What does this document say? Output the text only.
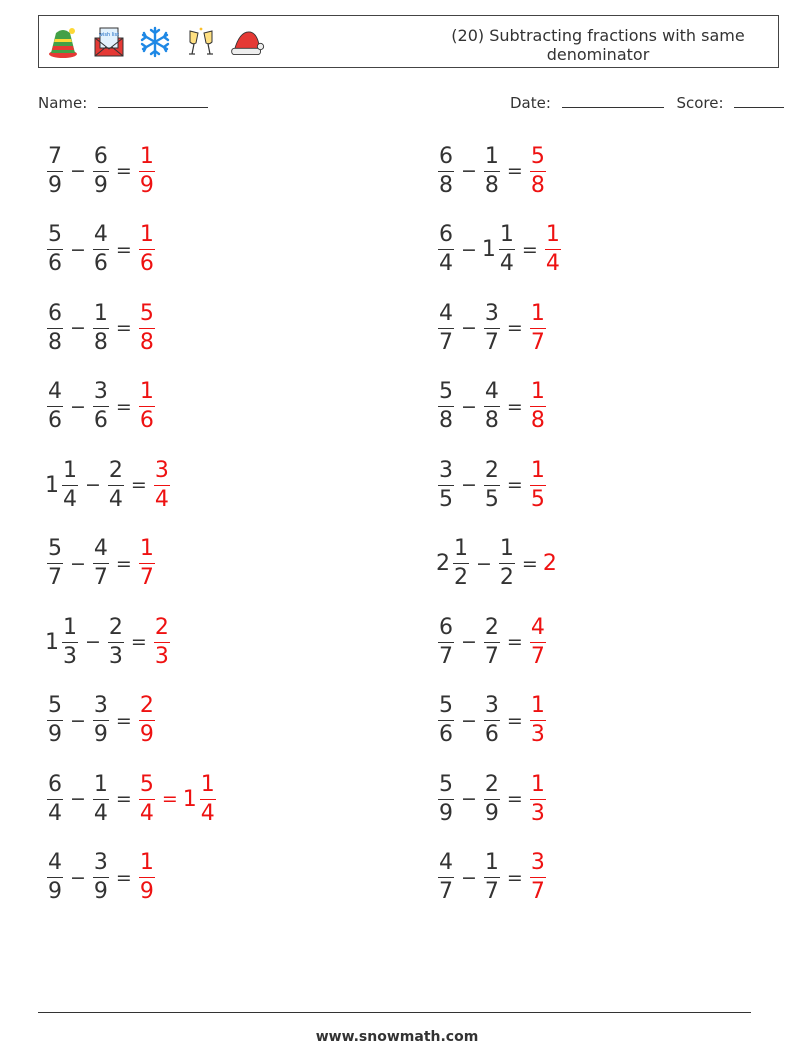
wish list	(20) Subtracting fractions with same denominator
Name:	Date:	Score:
$\frac{7}{9} - \frac{6}{9} = \frac{1}{9}$
$\frac{5}{6} - \frac{4}{6} = \frac{1}{6}$
$\frac{6}{8} - \frac{1}{8} = \frac{5}{8}$
$\frac{4}{6} - \frac{3}{6} = \frac{1}{6}$
$1 \frac{1}{4} - \frac{2}{4} = \frac{3}{4}$
$\frac{5}{7} - \frac{4}{7} = \frac{1}{7}$
$1 \frac{1}{3} - \frac{2}{3} = \frac{2}{3}$
$\frac{5}{9} - \frac{3}{9} = \frac{2}{9}$
$\frac{6}{4} - \frac{1}{4} = \frac{5}{4} = 1 \frac{1}{4}$
$\frac{4}{9} - \frac{3}{9} = \frac{1}{9}$
$\frac{6}{8} - \frac{1}{8} = \frac{5}{8}$
$\frac{6}{4} - 1 \frac{1}{4} = \frac{1}{4}$
$\frac{4}{7} - \frac{3}{7} = \frac{1}{7}$
$\frac{5}{8} - \frac{4}{8} = \frac{1}{8}$
$\frac{3}{5} - \frac{2}{5} = \frac{1}{5}$
$2 \frac{1}{2} - \frac{1}{2} = 2$
$\frac{6}{7} - \frac{2}{7} = \frac{4}{7}$
$\frac{5}{6} - \frac{3}{6} = \frac{1}{3}$
$\frac{5}{9} - \frac{2}{9} = \frac{1}{3}$
$\frac{4}{7} - \frac{1}{7} = \frac{3}{7}$
www.snowmath.com
